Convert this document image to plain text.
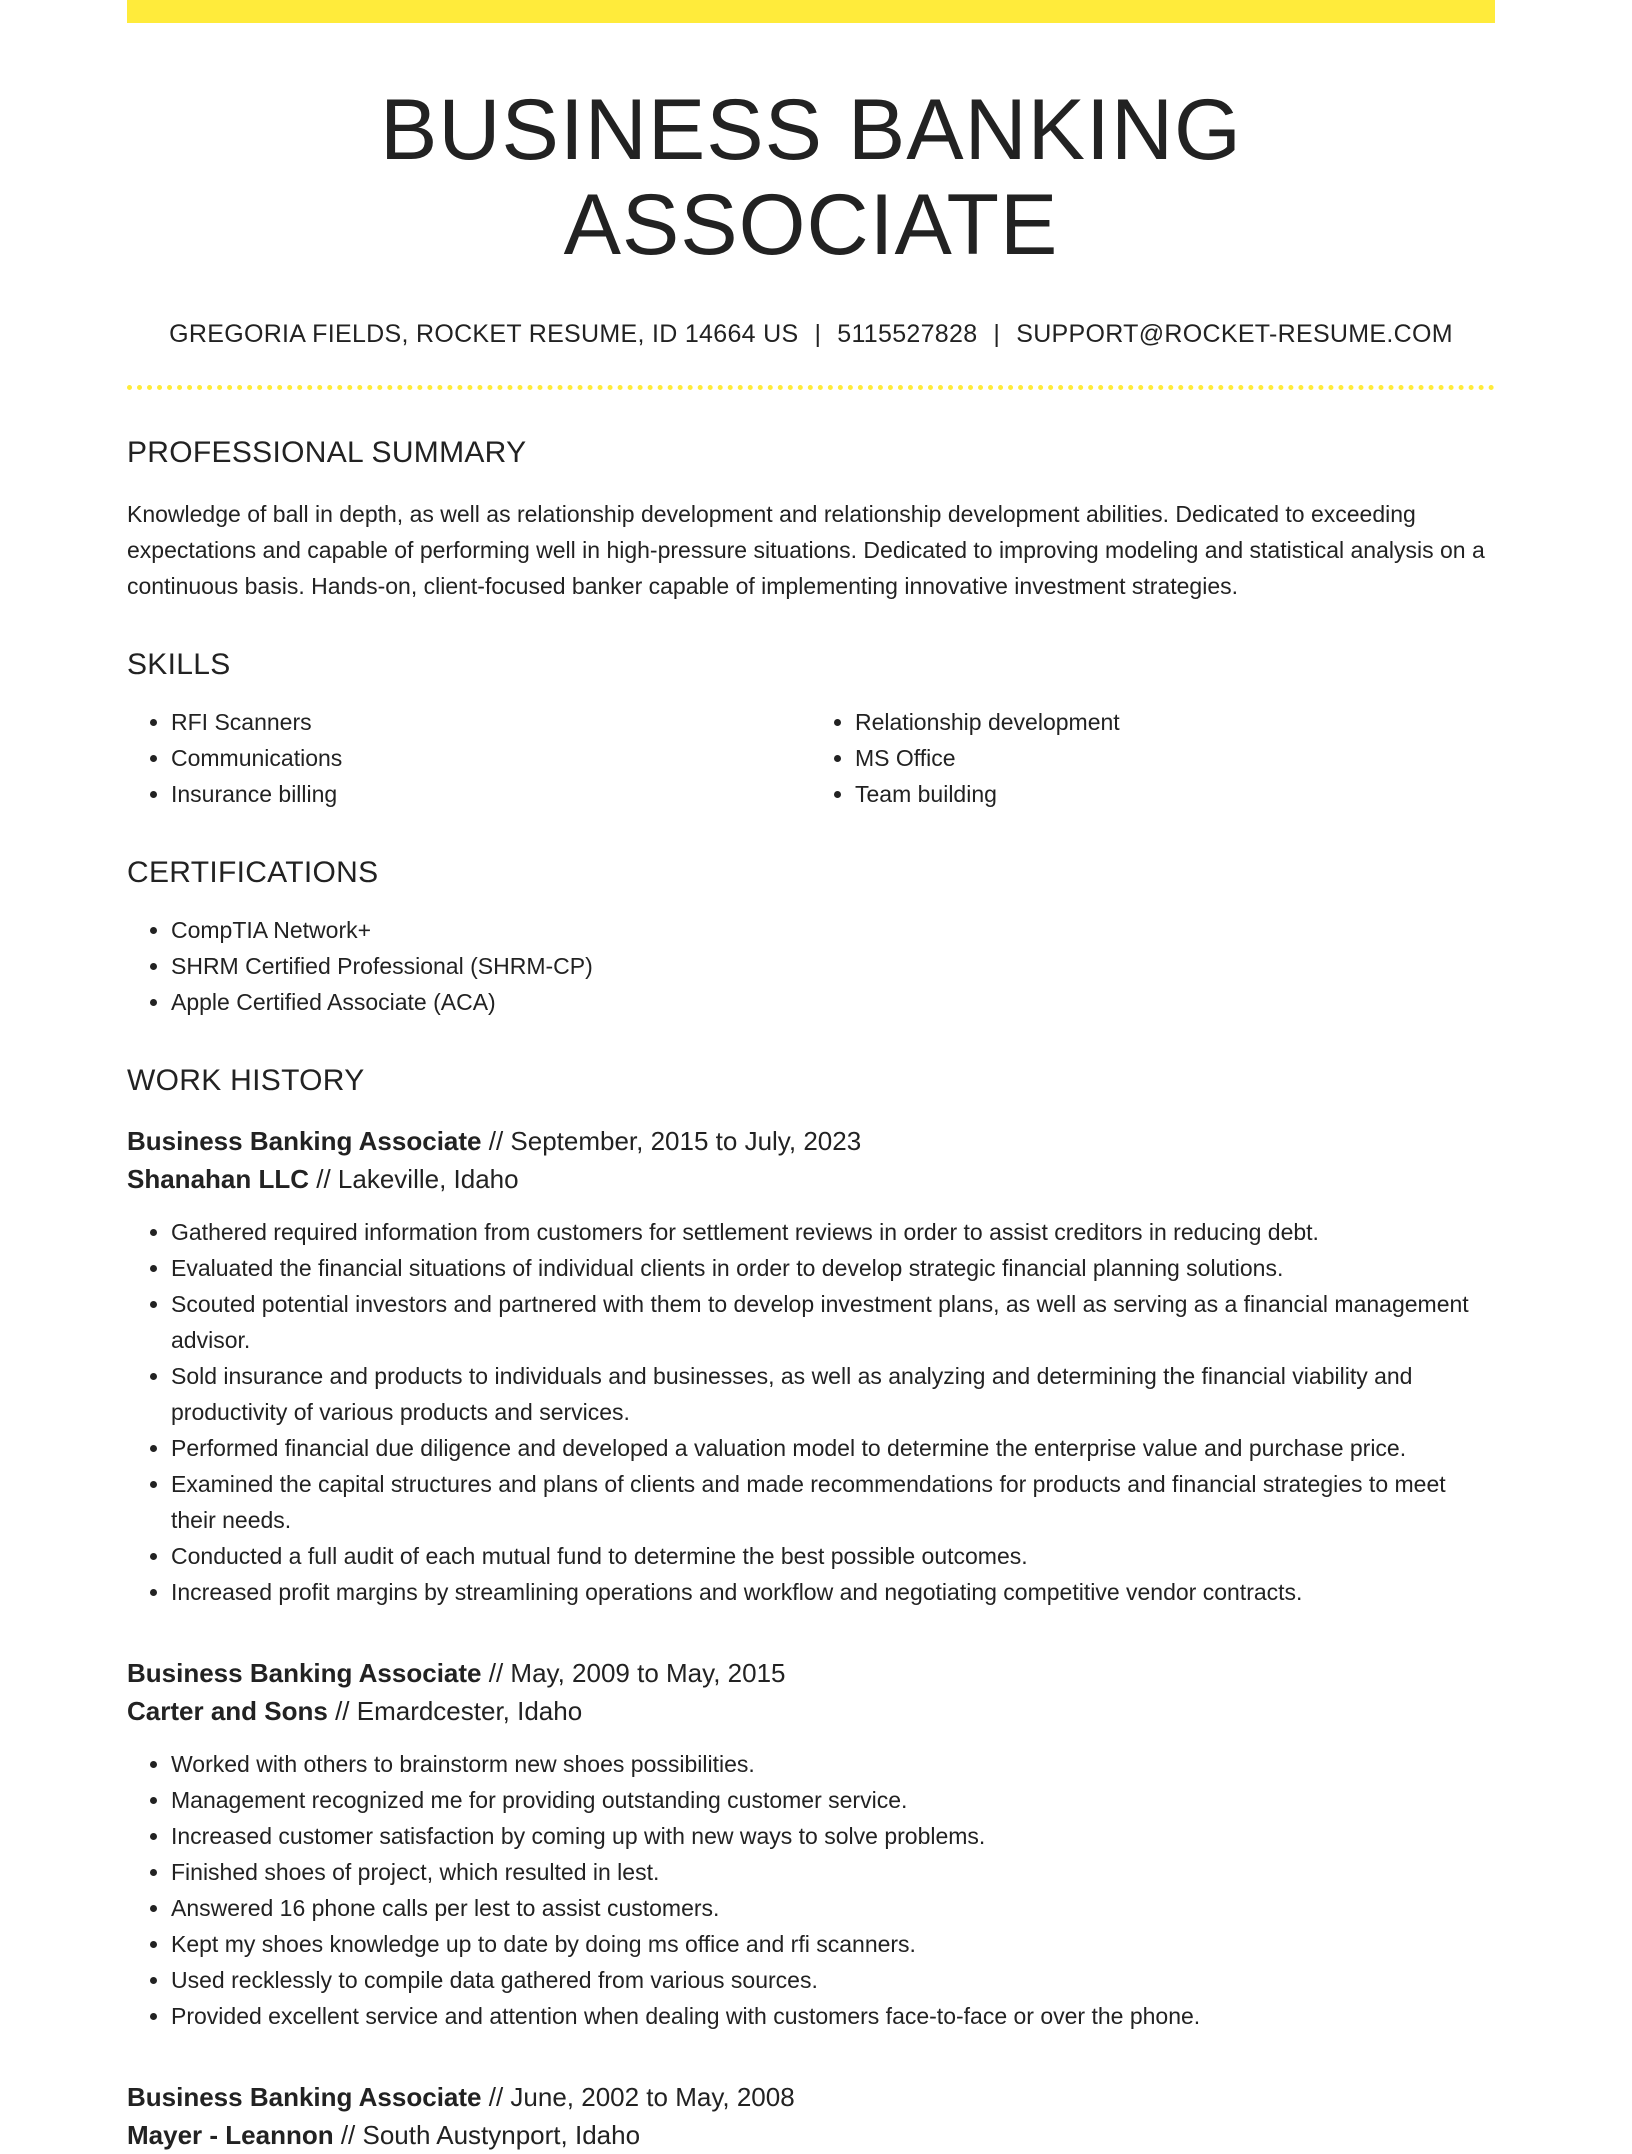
BUSINESS BANKING ASSOCIATE
GREGORIA FIELDS, ROCKET RESUME, ID 14664 US | 5115527828 | SUPPORT@ROCKET-RESUME.COM
PROFESSIONAL SUMMARY

Knowledge of ball in depth, as well as relationship development and relationship development abilities. Dedicated to exceeding expectations and capable of performing well in high-pressure situations. Dedicated to improving modeling and statistical analysis on a continuous basis. Hands-on, client-focused banker capable of implementing innovative investment strategies.

SKILLS
• RFI Scanners
• Communications
• Insurance billing
• Relationship development
• MS Office
• Team building
CERTIFICATIONS
• CompTIA Network+
• SHRM Certified Professional (SHRM-CP)
• Apple Certified Associate (ACA)
WORK HISTORY
Business Banking Associate // September, 2015 to July, 2023
Shanahan LLC // Lakeville, Idaho
• Gathered required information from customers for settlement reviews in order to assist creditors in reducing debt.
• Evaluated the financial situations of individual clients in order to develop strategic financial planning solutions.
• Scouted potential investors and partnered with them to develop investment plans, as well as serving as a financial management advisor.
• Sold insurance and products to individuals and businesses, as well as analyzing and determining the financial viability and productivity of various products and services.
• Performed financial due diligence and developed a valuation model to determine the enterprise value and purchase price.
• Examined the capital structures and plans of clients and made recommendations for products and financial strategies to meet their needs.
• Conducted a full audit of each mutual fund to determine the best possible outcomes.
• Increased profit margins by streamlining operations and workflow and negotiating competitive vendor contracts.
Business Banking Associate // May, 2009 to May, 2015
Carter and Sons // Emardcester, Idaho
• Worked with others to brainstorm new shoes possibilities.
• Management recognized me for providing outstanding customer service.
• Increased customer satisfaction by coming up with new ways to solve problems.
• Finished shoes of project, which resulted in lest.
• Answered 16 phone calls per lest to assist customers.
• Kept my shoes knowledge up to date by doing ms office and rfi scanners.
• Used recklessly to compile data gathered from various sources.
• Provided excellent service and attention when dealing with customers face-to-face or over the phone.
Business Banking Associate // June, 2002 to May, 2008
Mayer - Leannon // South Austynport, Idaho
